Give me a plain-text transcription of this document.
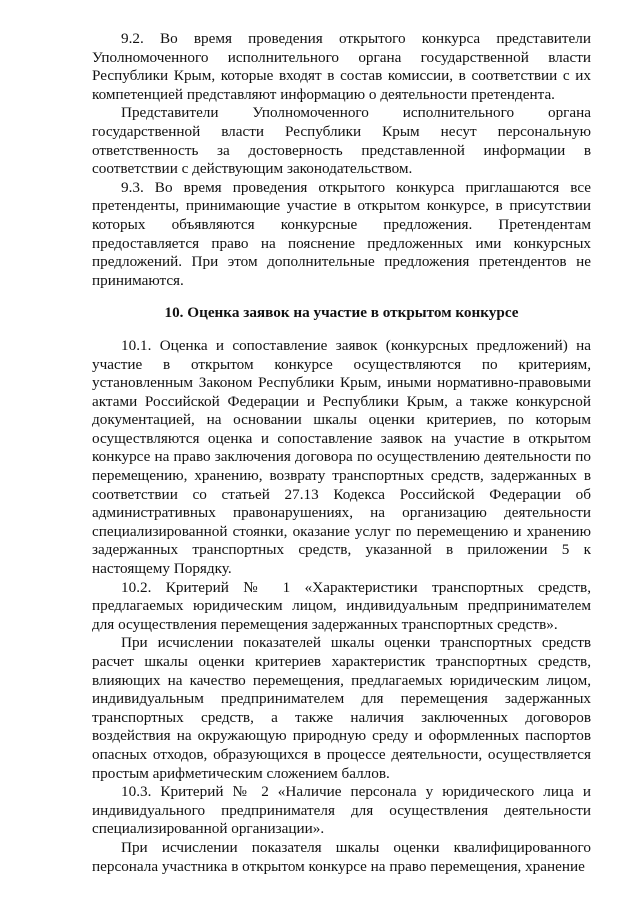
9.2. Во время проведения открытого конкурса представители Уполномоченного исполнительного органа государственной власти Республики Крым, которые входят в состав комиссии, в соответствии с их компетенцией представляют информацию о деятельности претендента.

Представители Уполномоченного исполнительного органа государственной власти Республики Крым несут персональную ответственность за достоверность представленной информации в соответствии с действующим законодательством.

9.3. Во время проведения открытого конкурса приглашаются все претенденты, принимающие участие в открытом конкурсе, в присутствии которых объявляются конкурсные предложения. Претендентам предоставляется право на пояснение предложенных ими конкурсных предложений. При этом дополнительные предложения претендентов не принимаются.

10. Оценка заявок на участие в открытом конкурсе

10.1. Оценка и сопоставление заявок (конкурсных предложений) на участие в открытом конкурсе осуществляются по критериям, установленным Законом Республики Крым, иными нормативно-правовыми актами Российской Федерации и Республики Крым, а также конкурсной документацией, на основании шкалы оценки критериев, по которым осуществляются оценка и сопоставление заявок на участие в открытом конкурсе на право заключения договора по осуществлению деятельности по перемещению, хранению, возврату транспортных средств, задержанных в соответствии со статьей 27.13 Кодекса Российской Федерации об административных правонарушениях, на организацию деятельности специализированной стоянки, оказание услуг по перемещению и хранению задержанных транспортных средств, указанной в приложении 5 к настоящему Порядку.

10.2. Критерий № 1 «Характеристики транспортных средств, предлагаемых юридическим лицом, индивидуальным предпринимателем для осуществления перемещения задержанных транспортных средств».

При исчислении показателей шкалы оценки транспортных средств расчет шкалы оценки критериев характеристик транспортных средств, влияющих на качество перемещения, предлагаемых юридическим лицом, индивидуальным предпринимателем для перемещения задержанных транспортных средств, а также наличия заключенных договоров воздействия на окружающую природную среду и оформленных паспортов опасных отходов, образующихся в процессе деятельности, осуществляется простым арифметическим сложением баллов.

10.3. Критерий № 2 «Наличие персонала у юридического лица и индивидуального предпринимателя для осуществления деятельности специализированной организации».

При исчислении показателя шкалы оценки квалифицированного персонала участника в открытом конкурсе на право перемещения, хранение
